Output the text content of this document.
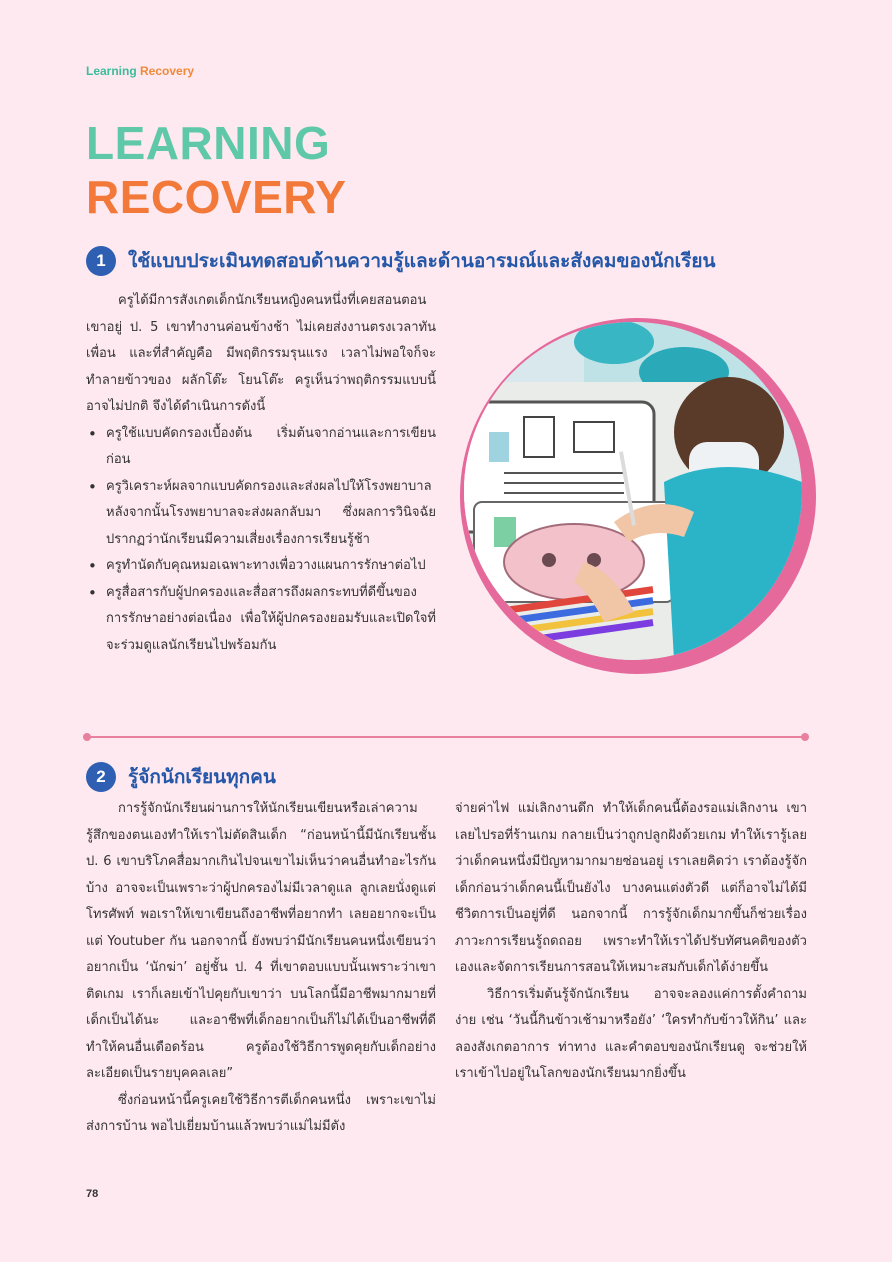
Learning Recovery
LEARNING
RECOVERY
1	ใช้แบบประเมินทดสอบด้านความรู้และด้านอารมณ์และสังคมของนักเรียน

ครูได้มีการสังเกตเด็กนักเรียนหญิงคนหนึ่งที่เคยสอนตอนเขาอยู่ ป. 5 เขาทำงานค่อนข้างช้า ไม่เคยส่งงานตรงเวลาทันเพื่อน และที่สำคัญคือ มีพฤติกรรมรุนแรง เวลาไม่พอใจก็จะทำลายข้าวของ ผลักโต๊ะ โยนโต๊ะ ครูเห็นว่าพฤติกรรมแบบนี้อาจไม่ปกติ จึงได้ดำเนินการดังนี้

• ครูใช้แบบคัดกรองเบื้องต้น เริ่มต้นจากอ่านและการเขียนก่อน
• ครูวิเคราะห์ผลจากแบบคัดกรองและส่งผลไปให้โรงพยาบาล หลังจากนั้นโรงพยาบาลจะส่งผลกลับมา ซึ่งผลการวินิจฉัยปรากฏว่านักเรียนมีความเสี่ยงเรื่องการเรียนรู้ช้า
• ครูทำนัดกับคุณหมอเฉพาะทางเพื่อวางแผนการรักษาต่อไป
• ครูสื่อสารกับผู้ปกครองและสื่อสารถึงผลกระทบที่ดีขึ้นของการรักษาอย่างต่อเนื่อง เพื่อให้ผู้ปกครองยอมรับและเปิดใจที่จะร่วมดูแลนักเรียนไปพร้อมกัน
2	รู้จักนักเรียนทุกคน

การรู้จักนักเรียนผ่านการให้นักเรียนเขียนหรือเล่าความรู้สึกของตนเองทำให้เราไม่ตัดสินเด็ก “ก่อนหน้านี้มีนักเรียนชั้น ป. 6 เขาบริโภคสื่อมากเกินไปจนเขาไม่เห็นว่าคนอื่นทำอะไรกันบ้าง อาจจะเป็นเพราะว่าผู้ปกครองไม่มีเวลาดูแล ลูกเลยนั่งดูแต่โทรศัพท์ พอเราให้เขาเขียนถึงอาชีพที่อยากทำ เลยอยากจะเป็นแต่ Youtuber กัน นอกจากนี้ ยังพบว่ามีนักเรียนคนหนึ่งเขียนว่าอยากเป็น ‘นักฆ่า’ อยู่ชั้น ป. 4 ที่เขาตอบแบบนั้นเพราะว่าเขาติดเกม เราก็เลยเข้าไปคุยกับเขาว่า บนโลกนี้มีอาชีพมากมายที่เด็กเป็นได้นะ และอาชีพที่เด็กอยากเป็นก็ไม่ได้เป็นอาชีพที่ดี ทำให้คนอื่นเดือดร้อน ครูต้องใช้วิธีการพูดคุยกับเด็กอย่างละเอียดเป็นรายบุคคลเลย”

ซึ่งก่อนหน้านี้ครูเคยใช้วิธีการตีเด็กคนหนึ่ง เพราะเขาไม่ส่งการบ้าน พอไปเยี่ยมบ้านแล้วพบว่าแม่ไม่มีตัง

จ่ายค่าไฟ แม่เลิกงานดึก ทำให้เด็กคนนี้ต้องรอแม่เลิกงาน เขาเลยไปรอที่ร้านเกม กลายเป็นว่าถูกปลูกฝังด้วยเกม ทำให้เรารู้เลยว่าเด็กคนหนึ่งมีปัญหามากมายซ่อนอยู่ เราเลยคิดว่า เราต้องรู้จักเด็กก่อนว่าเด็กคนนี้เป็นยังไง บางคนแต่งตัวดี แต่ก็อาจไม่ได้มีชีวิตการเป็นอยู่ที่ดี นอกจากนี้ การรู้จักเด็กมากขึ้นก็ช่วยเรื่องภาวะการเรียนรู้ถดถอย เพราะทำให้เราได้ปรับทัศนคติของตัวเองและจัดการเรียนการสอนให้เหมาะสมกับเด็กได้ง่ายขึ้น

วิธีการเริ่มต้นรู้จักนักเรียน อาจจะลองแค่การตั้งคำถามง่าย เช่น ‘วันนี้กินข้าวเช้ามาหรือยัง’ ‘ใครทำกับข้าวให้กิน’ และลองสังเกตอาการ ท่าทาง และคำตอบของนักเรียนดู จะช่วยให้เราเข้าไปอยู่ในโลกของนักเรียนมากยิ่งขึ้น

78
